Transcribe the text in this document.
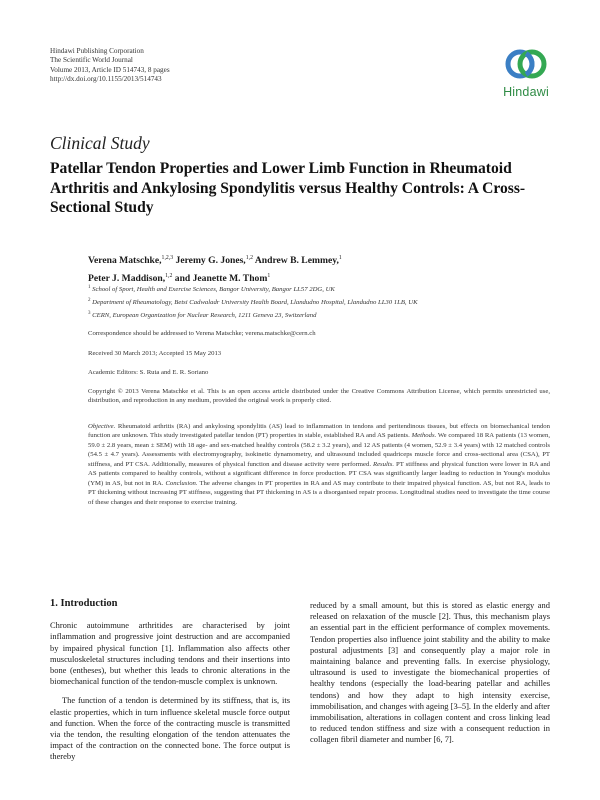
Hindawi Publishing Corporation
The Scientific World Journal
Volume 2013, Article ID 514743, 8 pages
http://dx.doi.org/10.1155/2013/514743
Hindawi
Clinical Study
Patellar Tendon Properties and Lower Limb Function in Rheumatoid Arthritis and Ankylosing Spondylitis versus Healthy Controls: A Cross-Sectional Study
Verena Matschke,$^{1,2,3}$ Jeremy G. Jones,$^{1,2}$ Andrew B. Lemmey,$^1$
Peter J. Maddison,$^{1,2}$ and Jeanette M. Thom$^1$
$^1$ School of Sport, Health and Exercise Sciences, Bangor University, Bangor LL57 2DG, UK
$^2$ Department of Rheumatology, Betsi Cadwaladr University Health Board, Llandudno Hospital, Llandudno LL30 1LB, UK
$^3$ CERN, European Organization for Nuclear Research, 1211 Geneva 23, Switzerland
Correspondence should be addressed to Verena Matschke; verena.matschke@cern.ch
Received 30 March 2013; Accepted 15 May 2013
Academic Editors: S. Ruta and E. R. Soriano
Copyright © 2013 Verena Matschke et al. This is an open access article distributed under the Creative Commons Attribution License, which permits unrestricted use, distribution, and reproduction in any medium, provided the original work is properly cited.
Objective. Rheumatoid arthritis (RA) and ankylosing spondylitis (AS) lead to inflammation in tendons and peritendinous tissues, but effects on biomechanical tendon function are unknown. This study investigated patellar tendon (PT) properties in stable, established RA and AS patients. Methods. We compared 18 RA patients (13 women, 59.0 ± 2.8 years, mean ± SEM) with 18 age- and sex-matched healthy controls (58.2 ± 3.2 years), and 12 AS patients (4 women, 52.9 ± 3.4 years) with 12 matched controls (54.5 ± 4.7 years). Assessments with electromyography, isokinetic dynamometry, and ultrasound included quadriceps muscle force and cross-sectional area (CSA), PT stiffness, and PT CSA. Additionally, measures of physical function and disease activity were performed. Results. PT stiffness and physical function were lower in RA and AS patients compared to healthy controls, without a significant difference in force production. PT CSA was significantly larger leading to reduction in Young's modulus (YM) in AS, but not in RA. Conclusion. The adverse changes in PT properties in RA and AS may contribute to their impaired physical function. AS, but not RA, leads to PT thickening without increasing PT stiffness, suggesting that PT thickening in AS is a disorganised repair process. Longitudinal studies need to investigate the time course of these changes and their response to exercise training.
1. Introduction

Chronic autoimmune arthritides are characterised by joint inflammation and progressive joint destruction and are accompanied by impaired physical function [1]. Inflammation also affects other musculoskeletal structures including tendons and their insertions into bone (entheses), but whether this leads to chronic alterations in the biomechanical function of the tendon-muscle complex is unknown.

The function of a tendon is determined by its stiffness, that is, its elastic properties, which in turn influence skeletal muscle force output and function. When the force of the contracting muscle is transmitted via the tendon, the resulting elongation of the tendon attenuates the impact of the contraction on the connected bone. The force output is thereby

reduced by a small amount, but this is stored as elastic energy and released on relaxation of the muscle [2]. Thus, this mechanism plays an essential part in the efficient performance of complex movements. Tendon properties also influence joint stability and the ability to make postural adjustments [3] and consequently play a major role in maintaining balance and preventing falls. In exercise physiology, ultrasound is used to investigate the biomechanical properties of healthy tendons (especially the load-bearing patellar and achilles tendons) and how they adapt to high intensity exercise, immobilisation, and changes with ageing [3–5]. In the elderly and after immobilisation, alterations in collagen content and cross linking lead to reduced tendon stiffness and size with a consequent reduction in collagen fibril diameter and number [6, 7].
